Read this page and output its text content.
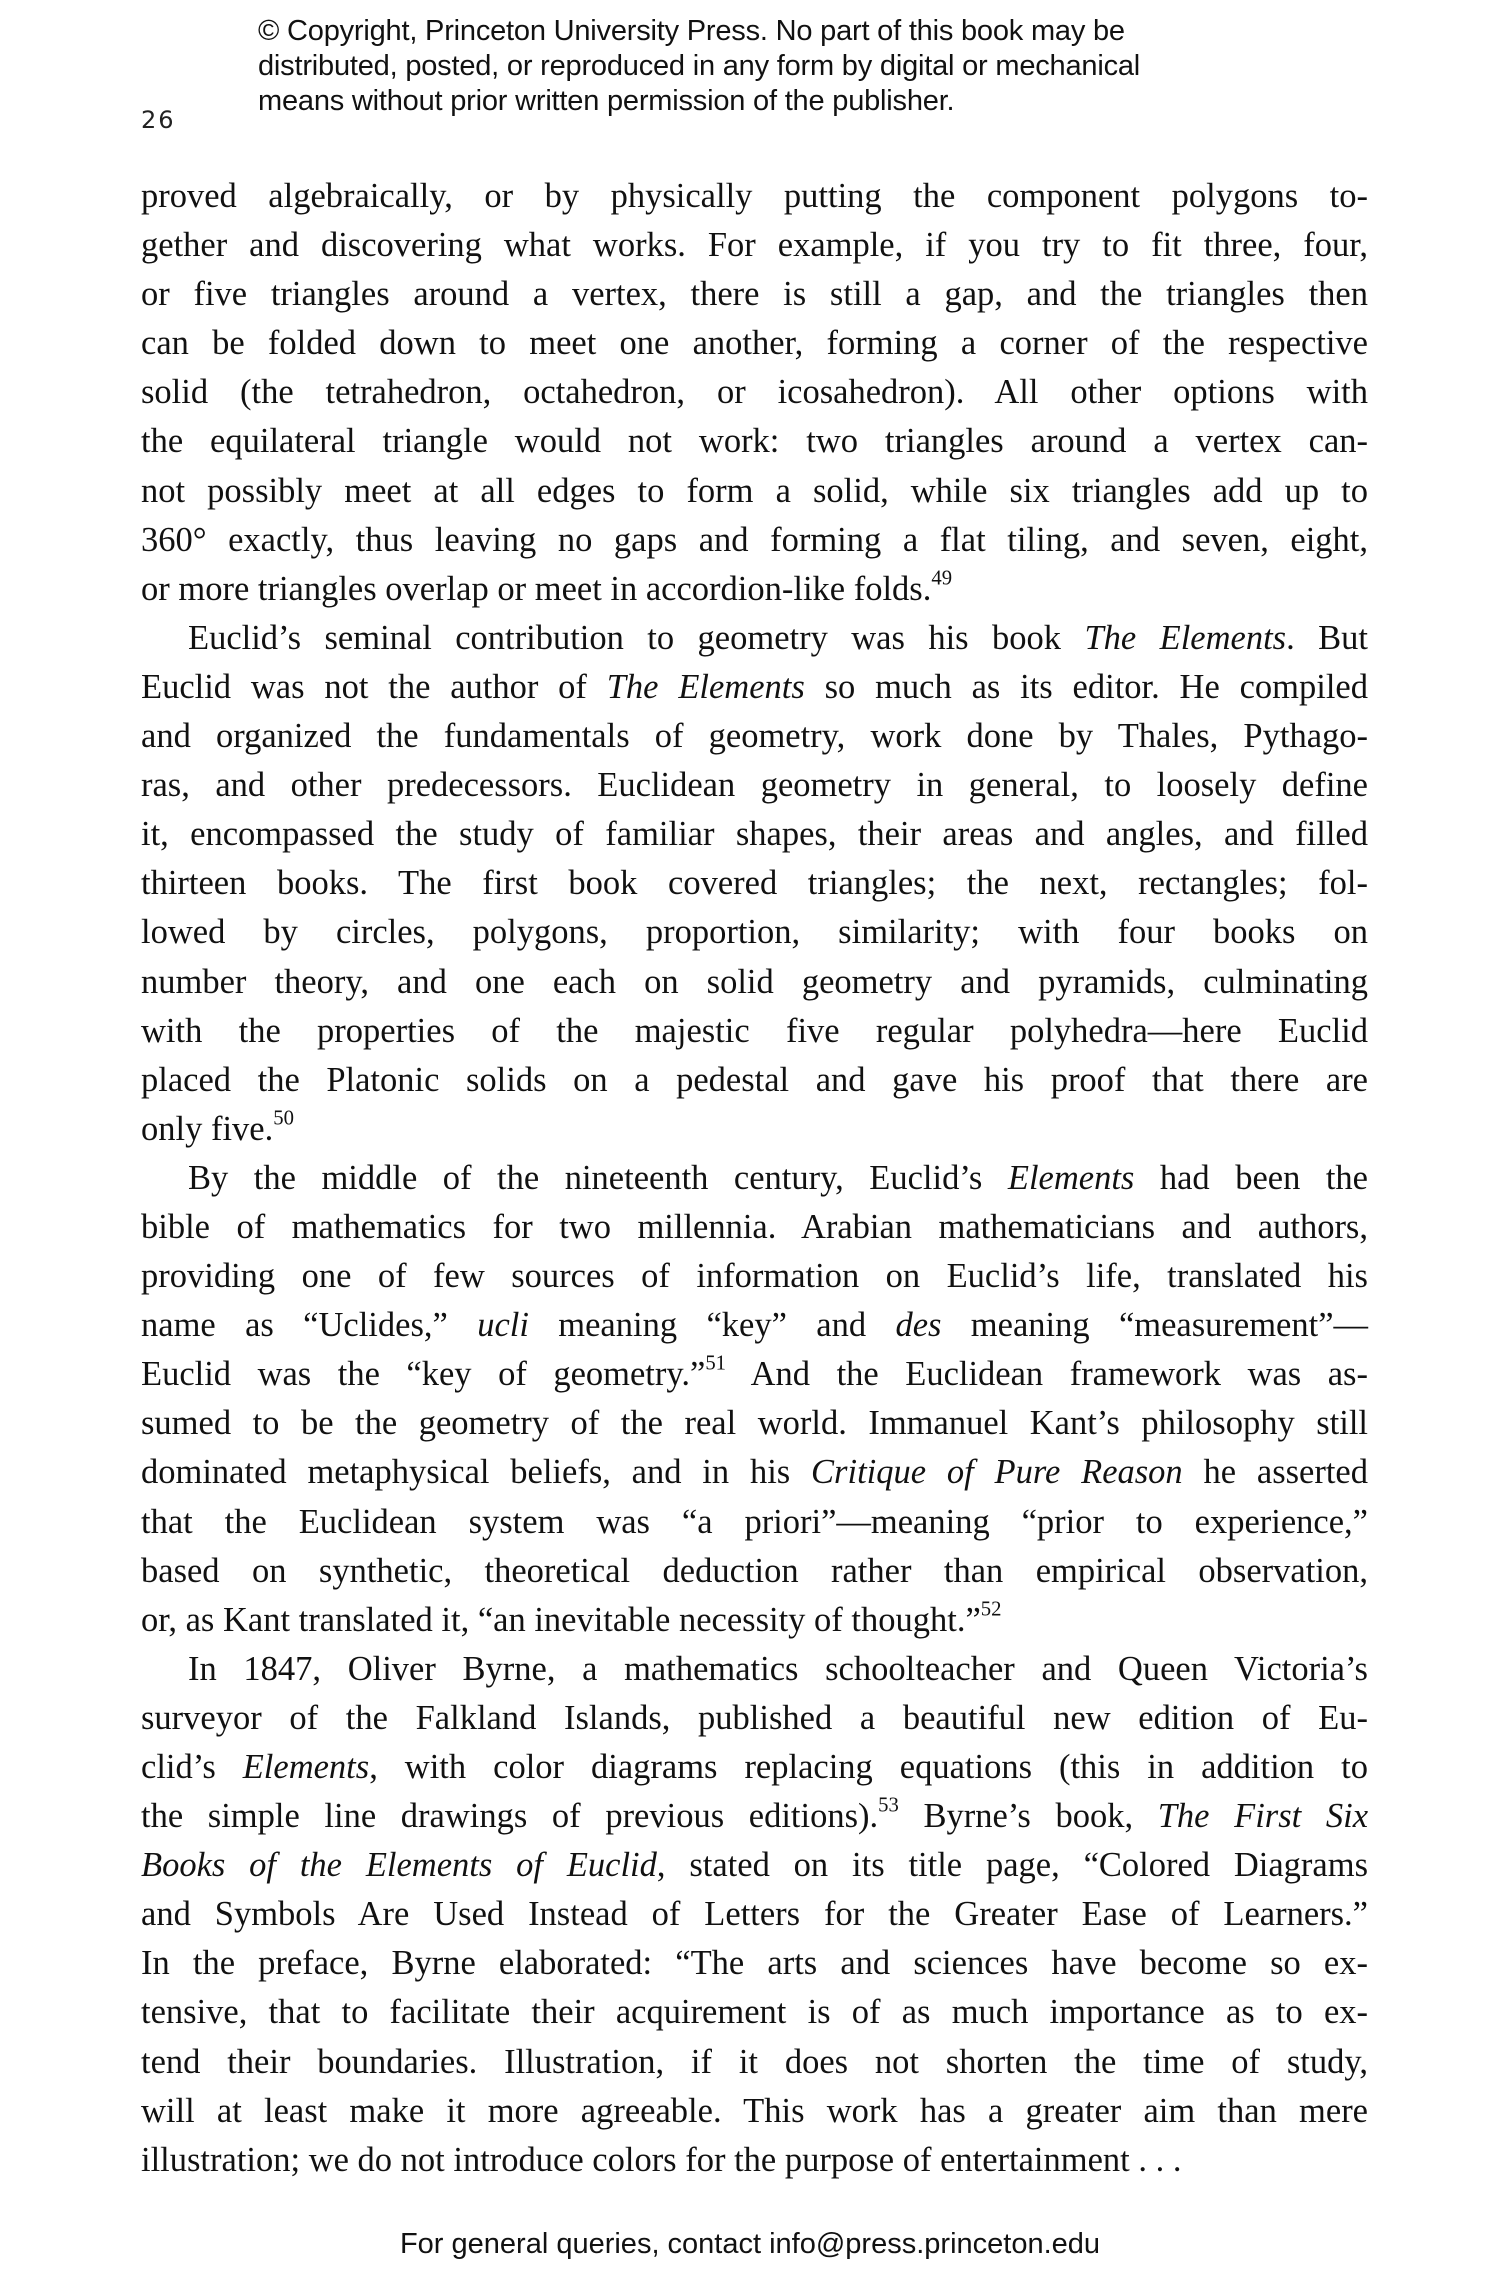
© Copyright, Princeton University Press. No part of this book may be
distributed, posted, or reproduced in any form by digital or mechanical
means without prior written permission of the publisher.
26

proved algebraically, or by physically putting the component polygons to-
gether and discovering what works. For example, if you try to fit three, four,
or five triangles around a vertex, there is still a gap, and the triangles then
can be folded down to meet one another, forming a corner of the respective
solid (the tetrahedron, octahedron, or icosahedron). All other options with
the equilateral triangle would not work: two triangles around a vertex can-
not possibly meet at all edges to form a solid, while six triangles add up to
360° exactly, thus leaving no gaps and forming a flat tiling, and seven, eight,
or more triangles overlap or meet in accordion-like folds.$^{49}$

Euclid’s seminal contribution to geometry was his book The Elements. But
Euclid was not the author of The Elements so much as its editor. He compiled
and organized the fundamentals of geometry, work done by Thales, Pythago-
ras, and other predecessors. Euclidean geometry in general, to loosely define
it, encompassed the study of familiar shapes, their areas and angles, and filled
thirteen books. The first book covered triangles; the next, rectangles; fol-
lowed by circles, polygons, proportion, similarity; with four books on
number theory, and one each on solid geometry and pyramids, culminating
with the properties of the majestic five regular polyhedra—here Euclid
placed the Platonic solids on a pedestal and gave his proof that there are
only five.$^{50}$

By the middle of the nineteenth century, Euclid’s Elements had been the
bible of mathematics for two millennia. Arabian mathematicians and authors,
providing one of few sources of information on Euclid’s life, translated his
name as “Uclides,” ucli meaning “key” and des meaning “measurement”—
Euclid was the “key of geometry.”$^{51}$ And the Euclidean framework was as-
sumed to be the geometry of the real world. Immanuel Kant’s philosophy still
dominated metaphysical beliefs, and in his Critique of Pure Reason he asserted
that the Euclidean system was “a priori”—meaning “prior to experience,”
based on synthetic, theoretical deduction rather than empirical observation,
or, as Kant translated it, “an inevitable necessity of thought.”$^{52}$

In 1847, Oliver Byrne, a mathematics schoolteacher and Queen Victoria’s
surveyor of the Falkland Islands, published a beautiful new edition of Eu-
clid’s Elements, with color diagrams replacing equations (this in addition to
the simple line drawings of previous editions).$^{53}$ Byrne’s book, The First Six
Books of the Elements of Euclid, stated on its title page, “Colored Diagrams
and Symbols Are Used Instead of Letters for the Greater Ease of Learners.”
In the preface, Byrne elaborated: “The arts and sciences have become so ex-
tensive, that to facilitate their acquirement is of as much importance as to ex-
tend their boundaries. Illustration, if it does not shorten the time of study,
will at least make it more agreeable. This work has a greater aim than mere
illustration; we do not introduce colors for the purpose of entertainment . . .

For general queries, contact info@press.princeton.edu
